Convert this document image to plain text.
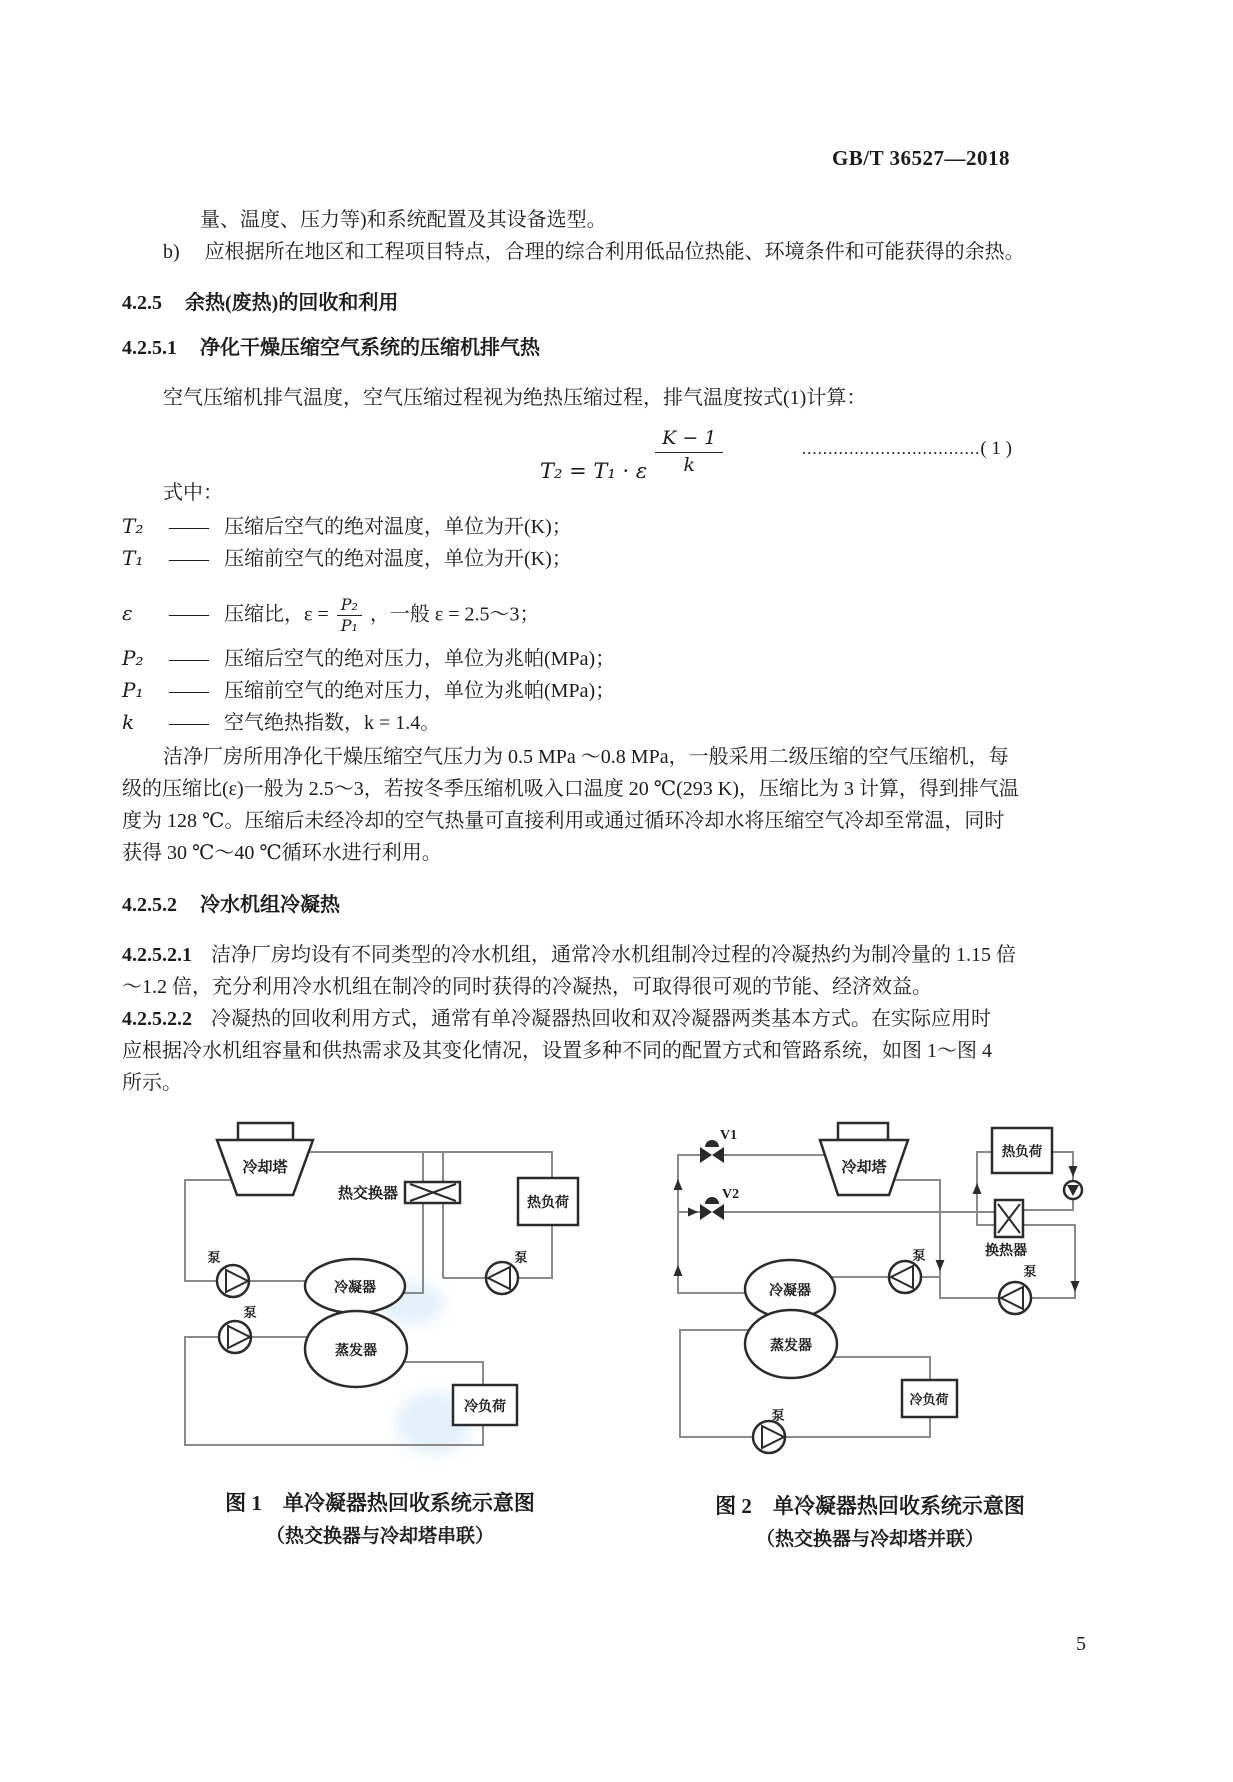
GB/T 36527—2018
量、温度、压力等)和系统配置及其设备选型。
b) 应根据所在地区和工程项目特点，合理的综合利用低品位热能、环境条件和可能获得的余热。
4.2.5 余热(废热)的回收和利用
4.2.5.1 净化干燥压缩空气系统的压缩机排气热
空气压缩机排气温度，空气压缩过程视为绝热压缩过程，排气温度按式(1)计算：
T₂ = T₁ · ε $\frac{K - 1}{k}$	..................................( 1 )
式中：
T₂ —— 压缩后空气的绝对温度，单位为开(K)；
T₁ —— 压缩前空气的绝对温度，单位为开(K)；
ε —— 压缩比，$\varepsilon = \frac{\text{P₂}}{\text{P₁}}$ ，一般 ε = 2.5～3；
P₂ —— 压缩后空气的绝对压力，单位为兆帕(MPa)；
P₁ —— 压缩前空气的绝对压力，单位为兆帕(MPa)；
k —— 空气绝热指数，k = 1.4。
洁净厂房所用净化干燥压缩空气压力为 0.5 MPa ～0.8 MPa，一般采用二级压缩的空气压缩机，每
级的压缩比(ε)一般为 2.5～3，若按冬季压缩机吸入口温度 20 ℃(293 K)，压缩比为 3 计算，得到排气温
度为 128 ℃。压缩后未经冷却的空气热量可直接利用或通过循环冷却水将压缩空气冷却至常温，同时
获得 30 ℃～40 ℃循环水进行利用。
4.2.5.2 冷水机组冷凝热
4.2.5.2.1 洁净厂房均设有不同类型的冷水机组，通常冷水机组制冷过程的冷凝热约为制冷量的 1.15 倍
～1.2 倍，充分利用冷水机组在制冷的同时获得的冷凝热，可取得很可观的节能、经济效益。
4.2.5.2.2 冷凝热的回收利用方式，通常有单冷凝器热回收和双冷凝器两类基本方式。在实际应用时
应根据冷水机组容量和供热需求及其变化情况，设置多种不同的配置方式和管路系统，如图 1～图 4
所示。
冷却塔
热交换器
热负荷
冷凝器
蒸发器
冷负荷
泵
泵
泵
V1
V2
冷却塔
热负荷
换热器
冷凝器
蒸发器
冷负荷
泵
泵
泵
图 1　单冷凝器热回收系统示意图
（热交换器与冷却塔串联）
图 2　单冷凝器热回收系统示意图
（热交换器与冷却塔并联）
5
